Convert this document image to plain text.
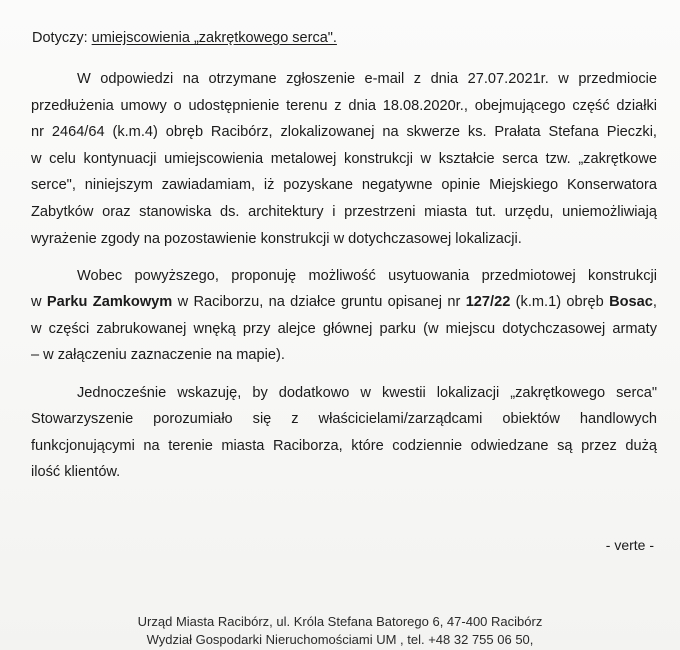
Dotyczy: umiejscowienia „zakrętkowego serca".
W odpowiedzi na otrzymane zgłoszenie e-mail z dnia 27.07.2021r. w przedmiocie
przedłużenia umowy o udostępnienie terenu z dnia 18.08.2020r., obejmującego część działki
nr 2464/64 (k.m.4) obręb Racibórz, zlokalizowanej na skwerze ks. Prałata Stefana Pieczki,
w celu kontynuacji umiejscowienia metalowej konstrukcji w kształcie serca tzw. „zakrętkowe
serce", niniejszym zawiadamiam, iż pozyskane negatywne opinie Miejskiego Konserwatora
Zabytków oraz stanowiska ds. architektury i przestrzeni miasta tut. urzędu, uniemożliwiają
wyrażenie zgody na pozostawienie konstrukcji w dotychczasowej lokalizacji.
Wobec powyższego, proponuję możliwość usytuowania przedmiotowej konstrukcji
w Parku Zamkowym w Raciborzu, na działce gruntu opisanej nr 127/22 (k.m.1) obręb Bosac,
w części zabrukowanej wnęką przy alejce głównej parku (w miejscu dotychczasowej armaty
– w załączeniu zaznaczenie na mapie).
Jednocześnie wskazuję, by dodatkowo w kwestii lokalizacji „zakrętkowego serca"
Stowarzyszenie porozumiało się z właścicielami/zarządcami obiektów handlowych
funkcjonującymi na terenie miasta Raciborza, które codziennie odwiedzane są przez dużą
ilość klientów.
- verte -
Urząd Miasta Racibórz, ul. Króla Stefana Batorego 6, 47-400 Racibórz
Wydział Gospodarki Nieruchomościami UM , tel. +48 32 755 06 50,
